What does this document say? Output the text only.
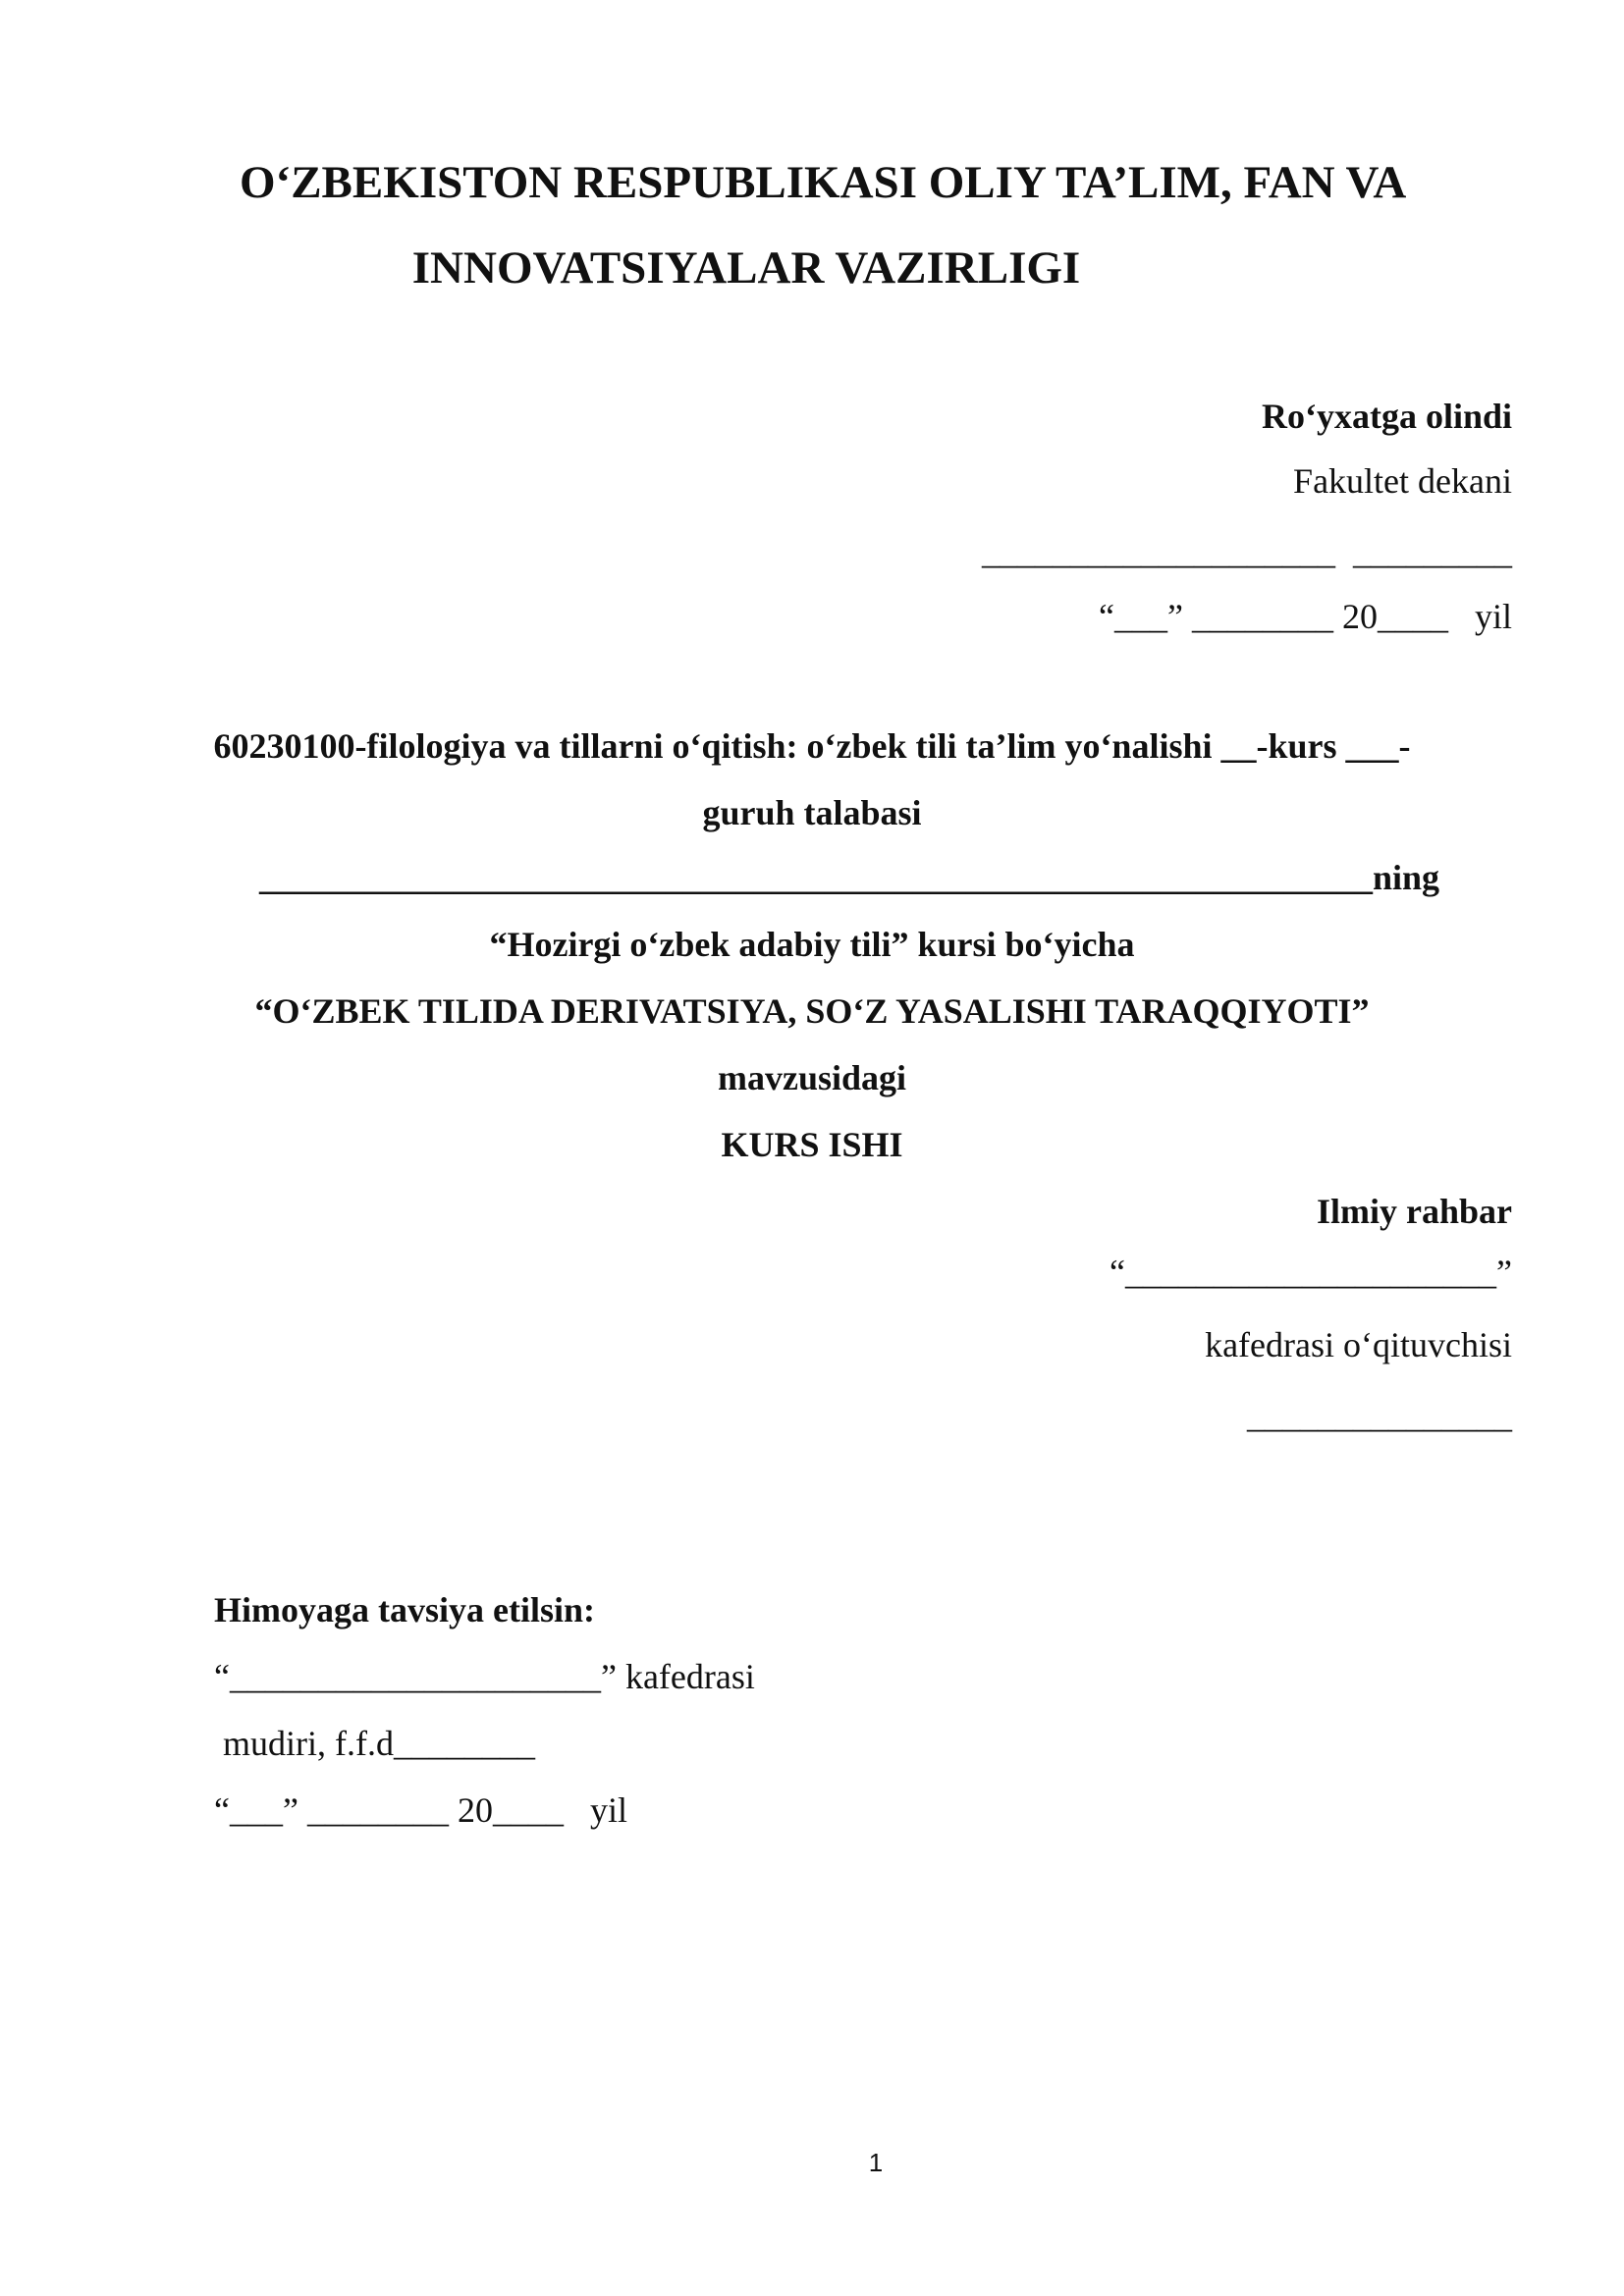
O‘ZBEKISTON RESPUBLIKASI OLIY TA’LIM, FAN VA
INNOVATSIYALAR VAZIRLIGI
Ro‘yxatga olindi
Fakultet dekani
____________________  _________
“___” ________ 20____   yil
60230100-filologiya va tillarni o‘qitish: o‘zbek tili ta’lim yo‘nalishi __-kurs ___-
guruh talabasi
_______________________________________________________________ning
“Hozirgi o‘zbek adabiy tili” kursi bo‘yicha
“O‘ZBEK TILIDA DERIVATSIYA, SO‘Z YASALISHI TARAQQIYOTI”
mavzusidagi
KURS ISHI
Ilmiy rahbar
“_____________________”
kafedrasi o‘qituvchisi
_______________
Himoyaga tavsiya etilsin:
“_____________________” kafedrasi
mudiri, f.f.d________
“___” ________ 20____   yil
1
